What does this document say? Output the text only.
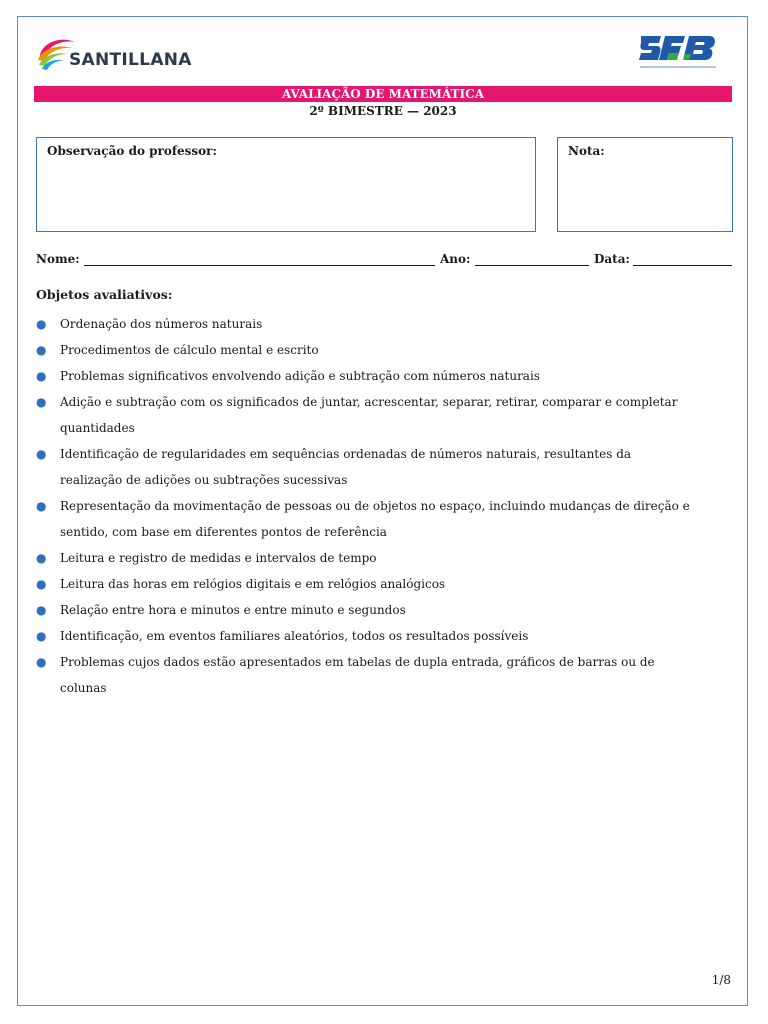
SANTILLANA
AVALIAÇÃO DE MATEMÁTICA
2º BIMESTRE — 2023
Observação do professor:	Nota:
Nome:	Ano:	Data:
Objetos avaliativos:
● Ordenação dos números naturais
● Procedimentos de cálculo mental e escrito
● Problemas significativos envolvendo adição e subtração com números naturais
● Adição e subtração com os significados de juntar, acrescentar, separar, retirar, comparar e completar quantidades
● Identificação de regularidades em sequências ordenadas de números naturais, resultantes da realização de adições ou subtrações sucessivas
● Representação da movimentação de pessoas ou de objetos no espaço, incluindo mudanças de direção e sentido, com base em diferentes pontos de referência
● Leitura e registro de medidas e intervalos de tempo
● Leitura das horas em relógios digitais e em relógios analógicos
● Relação entre hora e minutos e entre minuto e segundos
● Identificação, em eventos familiares aleatórios, todos os resultados possíveis
● Problemas cujos dados estão apresentados em tabelas de dupla entrada, gráficos de barras ou de colunas
1/8
